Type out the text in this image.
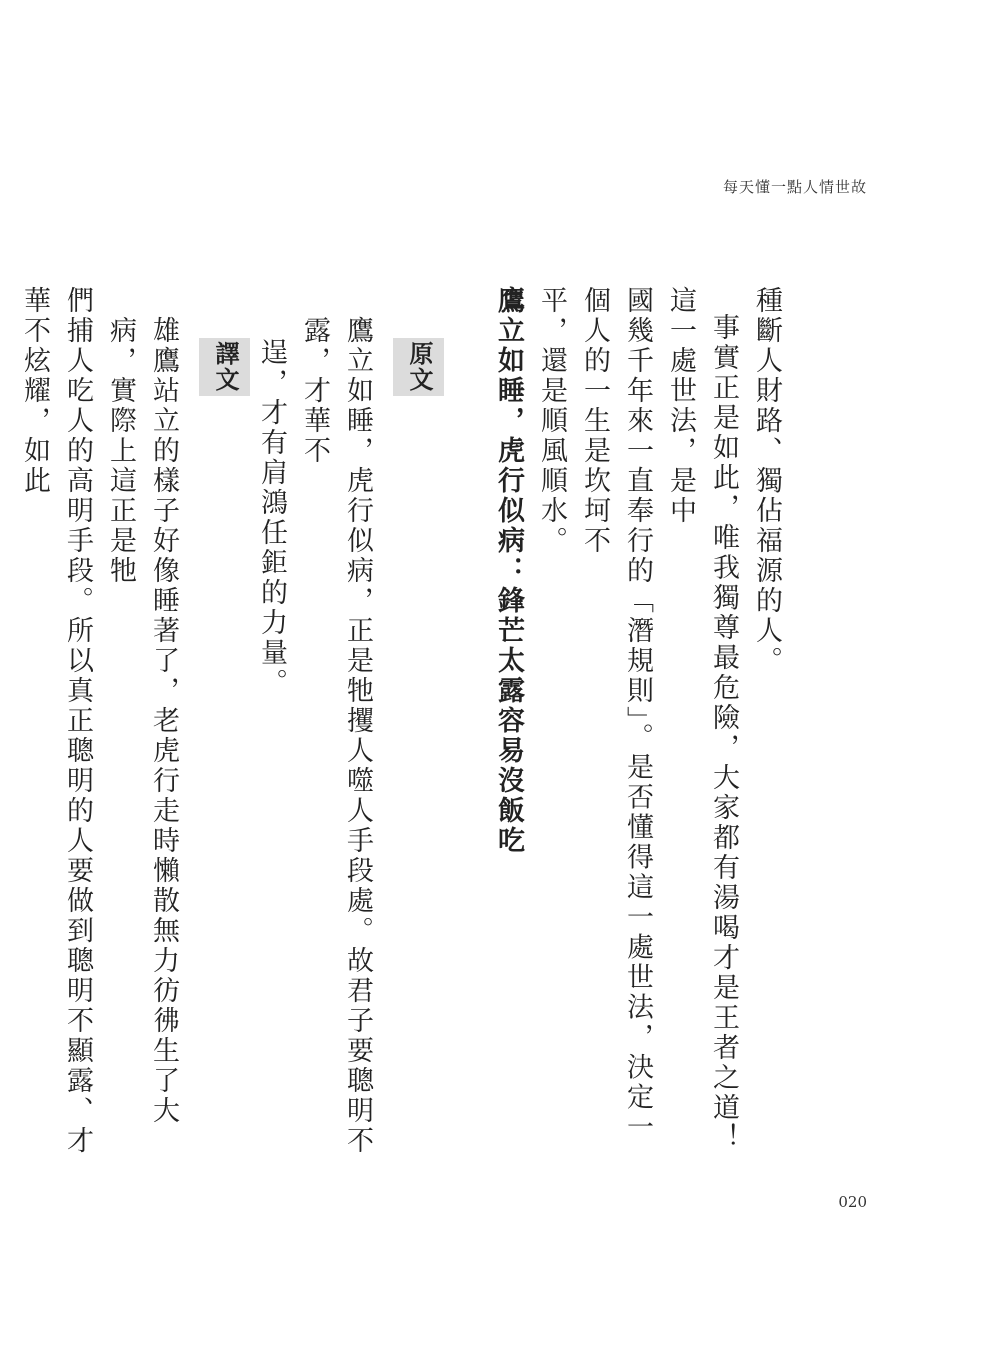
每天懂一點人情世故

種斷人財路、獨佔福源的人。

事實正是如此，唯我獨尊最危險，大家都有湯喝才是王者之道！這一處世法，是中

國幾千年來一直奉行的「潛規則」。是否懂得這一處世法，決定一個人的一生是坎坷不

平，還是順風順水。

鷹立如睡，虎行似病：鋒芒太露容易沒飯吃

原文

鷹立如睡，虎行似病，正是牠攫人噬人手段處。故君子要聰明不露，才華不

逞，才有肩鴻任鉅的力量。

譯文

雄鷹站立的樣子好像睡著了，老虎行走時懶散無力彷彿生了大病，實際上這正是牠

們捕人吃人的高明手段。所以真正聰明的人要做到聰明不顯露、才華不炫耀，如此

020
